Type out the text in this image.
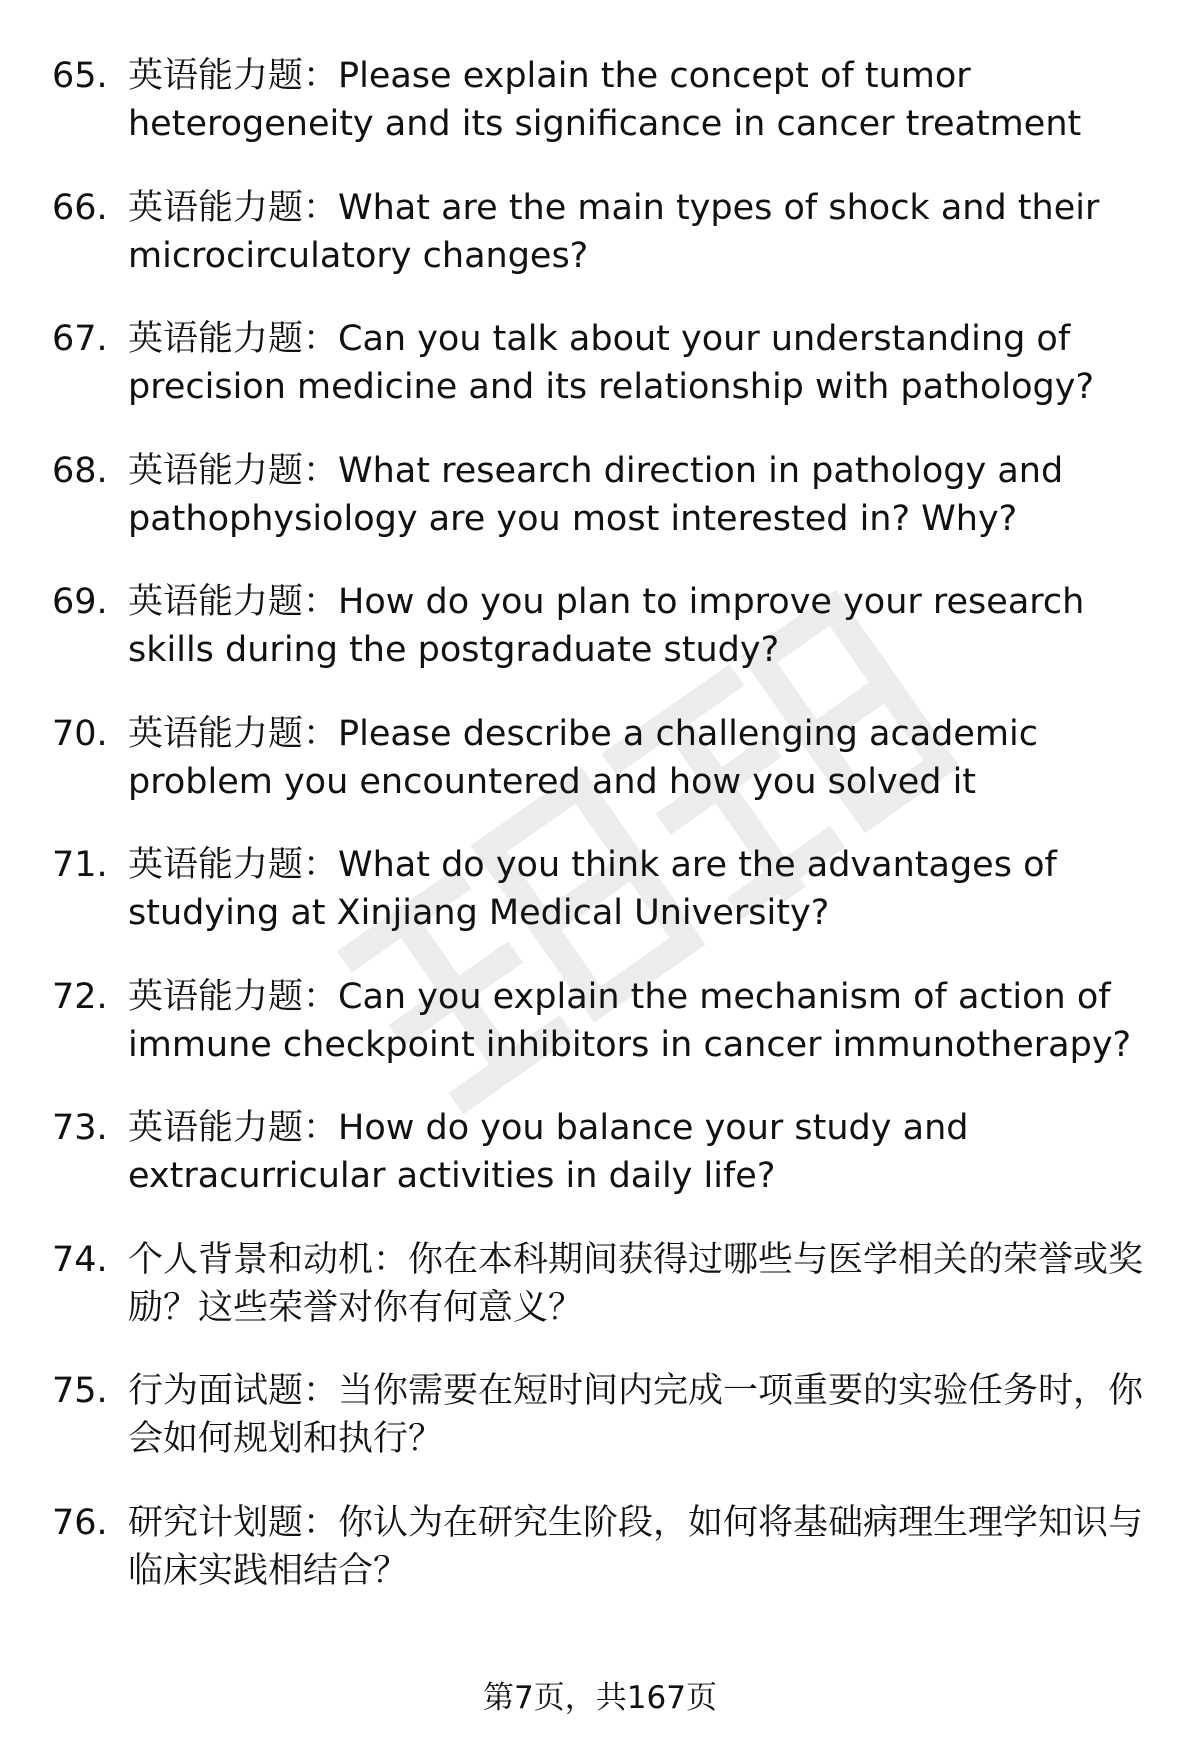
65. 英语能力题：Please explain the concept of tumor heterogeneity and its significance in cancer treatment
66. 英语能力题：What are the main types of shock and their microcirculatory changes?
67. 英语能力题：Can you talk about your understanding of precision medicine and its relationship with pathology?
68. 英语能力题：What research direction in pathology and pathophysiology are you most interested in? Why?
69. 英语能力题：How do you plan to improve your research skills during the postgraduate study?
70. 英语能力题：Please describe a challenging academic problem you encountered and how you solved it
71. 英语能力题：What do you think are the advantages of studying at Xinjiang Medical University?
72. 英语能力题：Can you explain the mechanism of action of immune checkpoint inhibitors in cancer immunotherapy?
73. 英语能力题：How do you balance your study and extracurricular activities in daily life?
74. 个人背景和动机：你在本科期间获得过哪些与医学相关的荣誉或奖励？这些荣誉对你有何意义？
75. 行为面试题：当你需要在短时间内完成一项重要的实验任务时，你会如何规划和执行？
76. 研究计划题：你认为在研究生阶段，如何将基础病理生理学知识与临床实践相结合？
第7页，共167页
